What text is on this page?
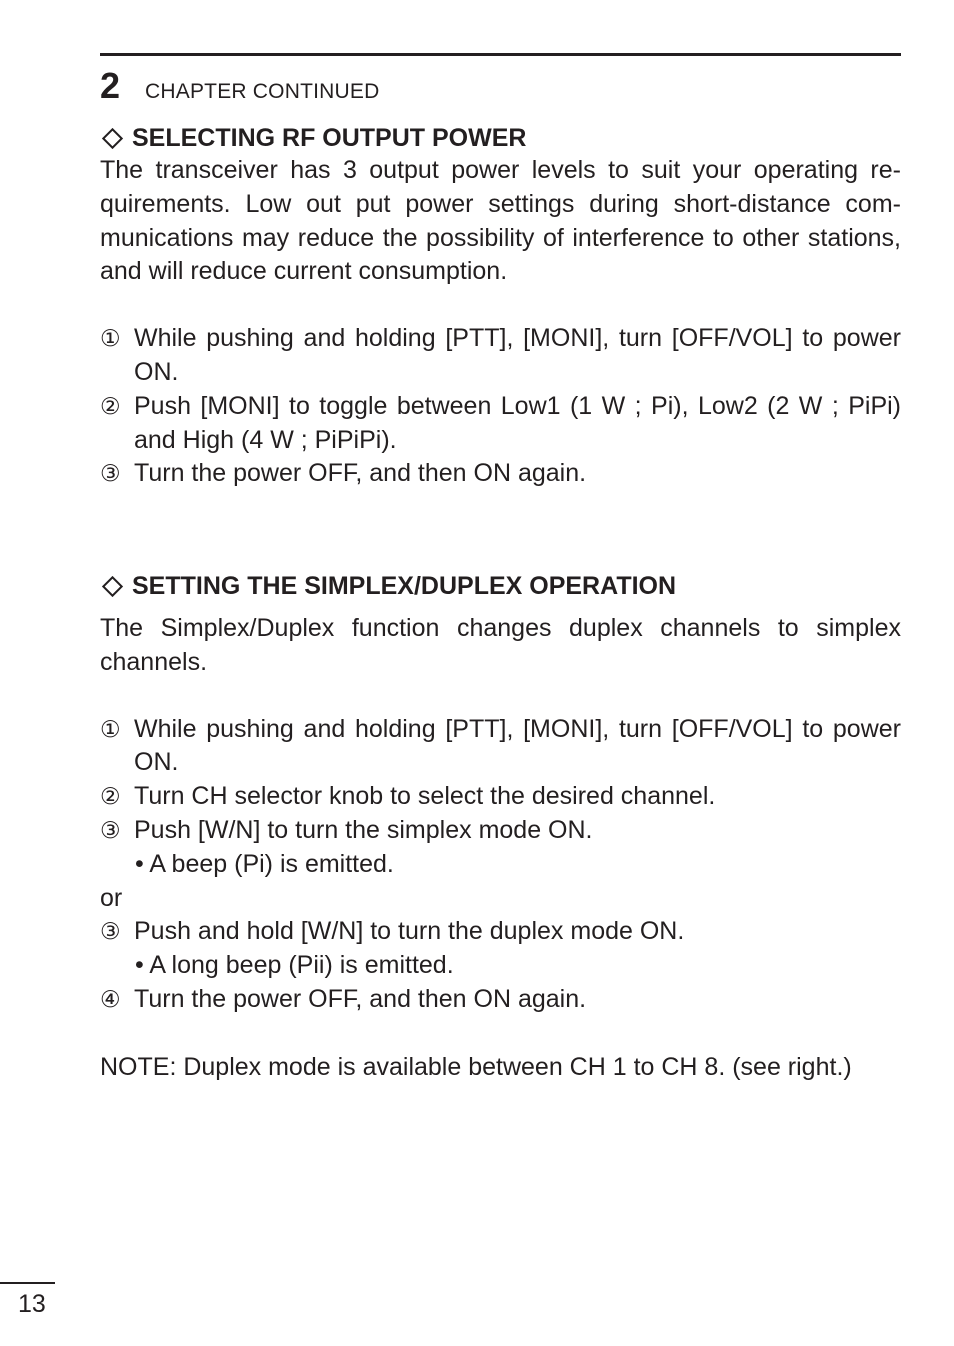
2 CHAPTER CONTINUED
SELECTING RF OUTPUT POWER

The transceiver has 3 output power levels to suit your operating re-quirements. Low out put power settings during short-distance com-munications may reduce the possibility of interference to other stations, and will reduce current consumption.

① While pushing and holding [PTT], [MONI], turn [OFF/VOL] to power ON.
② Push [MONI] to toggle between Low1 (1 W ; Pi), Low2 (2 W ; PiPi) and High (4 W ; PiPiPi).
③ Turn the power OFF, and then ON again.
SETTING THE SIMPLEX/DUPLEX OPERATION

The Simplex/Duplex function changes duplex channels to simplex channels.

① While pushing and holding [PTT], [MONI], turn [OFF/VOL] to power ON.
② Turn CH selector knob to select the desired channel.
③ Push [W/N] to turn the simplex mode ON.
• A beep (Pi) is emitted.
or
③ Push and hold [W/N] to turn the duplex mode ON.
• A long beep (Pii) is emitted.
④ Turn the power OFF, and then ON again.

NOTE: Duplex mode is available between CH 1 to CH 8. (see right.)

13
